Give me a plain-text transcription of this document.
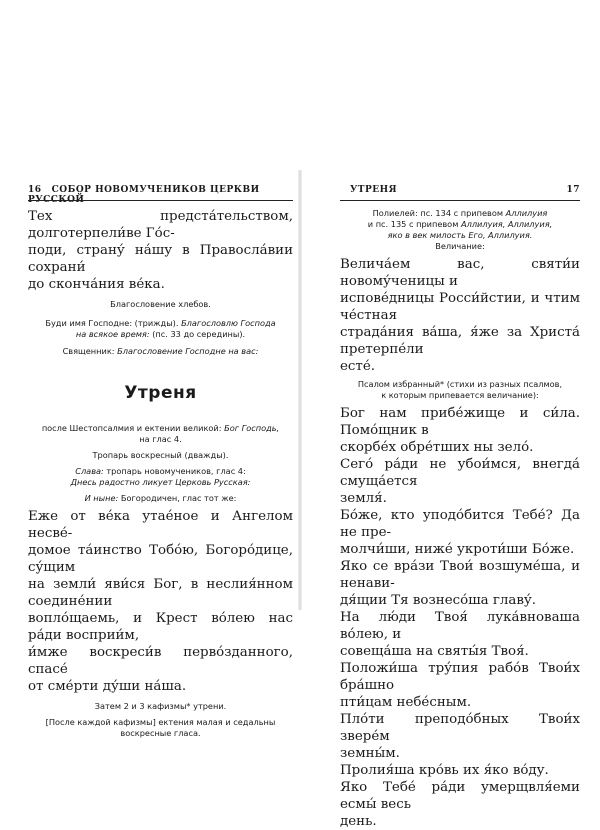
16 СОБОР НОВОМУЧЕНИКОВ ЦЕРКВИ РУССКОЙ

Тех предста́тельством, долготерпели́ве Го́с-
поди, страну́ на́шу в Правосла́вии сохрани́
до сконча́ния ве́ка.

Благословение хлебов.

Буди имя Господне: (трижды). Благословлю Господа
на всякое время: (пс. 33 до середины).

Священник: Благословение Господне на вас:

Утреня

после Шестопсалмия и ектении великой: Бог Господь,
на глас 4.

Тропарь воскресный (дважды).

Слава: тропарь новомучеников, глас 4:
Днесь радостно ликует Церковь Русская:

И ныне: Богородичен, глас тот же:

Еже от ве́ка утае́ное и Ангелом несве́-
домое та́инство Тобо́ю, Богоро́дице, су́щим
на земли́ яви́ся Бог, в неслия́нном соедине́нии
вопло́щаемь, и Крест во́лею нас ра́ди восприи́м,
и́мже воскреси́в перво́зданного, спасе́
от сме́рти ду́ши на́ша.

Затем 2 и 3 кафизмы* утрени.

[После каждой кафизмы] ектения малая и седальны
воскресные гласа.

УТРЕНЯ	17

Полиелей: пс. 134 с припевом Аллилуия
и пс. 135 с припевом Аллилуия, Аллилуия,
яко в век милость Его, Аллилуия.

Величание:

Велича́ем вас, святи́и новому́ченицы и
испове́дницы Росси́йстии, и чтим че́стная
страда́ния ва́ша, я́же за Христа́ претерпе́ли
есте́.

Псалом избранный* (стихи из разных псалмов,
к которым припевается величание):

Бог нам прибе́жище и си́ла. Помо́щник в
скорбе́х обре́тших ны зело́.

Сего́ ра́ди не убои́мся, внегда́ смуща́ется
земля́.

Бо́же, кто уподо́бится Тебе́? Да не пре-
молчи́ши, ниже́ укроти́ши Бо́же.

Яко се вра́зи Твои́ возшуме́ша, и ненави-
дя́щии Тя вознесо́ша главу́.

На лю́ди Твоя́ лука́вноваша во́лею, и
совеща́ша на святы́я Твоя́.

Положи́ша тру́пия рабо́в Твои́х бра́шно
пти́цам небе́сным.

Пло́ти преподо́бных Твои́х звере́м
земны́м.

Пролия́ша кро́вь их я́ко во́ду.

Яко Тебе́ ра́ди умерщвля́еми есмы́ весь
день.
